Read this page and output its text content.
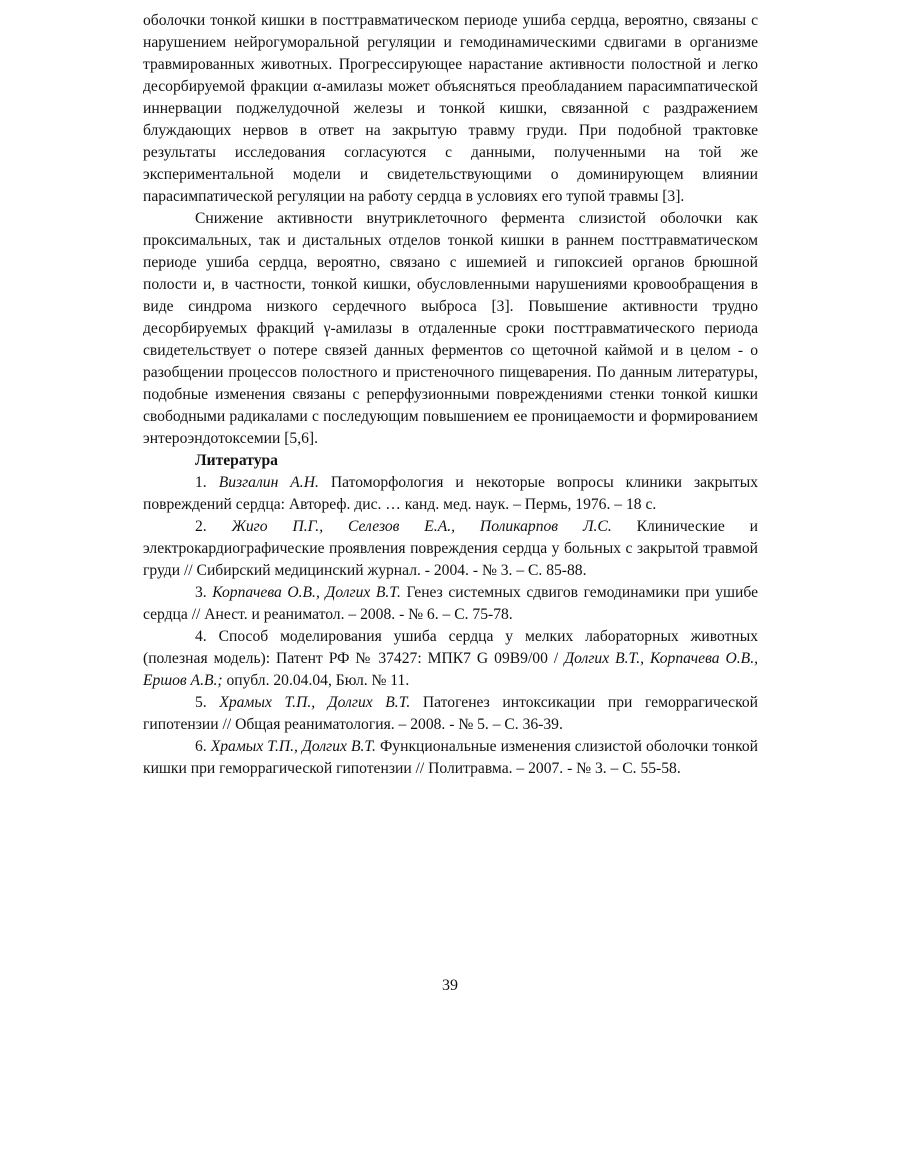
оболочки тонкой кишки в посттравматическом периоде ушиба сердца, вероятно, связаны с нарушением нейрогуморальной регуляции и гемодинамическими сдвигами в организме травмированных животных. Прогрессирующее нарастание активности полостной и легко десорбируемой фракции α-амилазы может объясняться преобладанием парасимпатической иннервации поджелудочной железы и тонкой кишки, связанной с раздражением блуждающих нервов в ответ на закрытую травму груди. При подобной трактовке результаты исследования согласуются с данными, полученными на той же экспериментальной модели и свидетельствующими о доминирующем влиянии парасимпатической регуляции на работу сердца в условиях его тупой травмы [3].

Снижение активности внутриклеточного фермента слизистой оболочки как проксимальных, так и дистальных отделов тонкой кишки в раннем посттравматическом периоде ушиба сердца, вероятно, связано с ишемией и гипоксией органов брюшной полости и, в частности, тонкой кишки, обусловленными нарушениями кровообращения в виде синдрома низкого сердечного выброса [3]. Повышение активности трудно десорбируемых фракций γ-амилазы в отдаленные сроки посттравматического периода свидетельствует о потере связей данных ферментов со щеточной каймой и в целом - о разобщении процессов полостного и пристеночного пищеварения. По данным литературы, подобные изменения связаны с реперфузионными повреждениями стенки тонкой кишки свободными радикалами с последующим повышением ее проницаемости и формированием энтероэндотоксемии [5,6].

Литература

1. Визгалин А.Н. Патоморфология и некоторые вопросы клиники закрытых повреждений сердца: Автореф. дис. … канд. мед. наук. – Пермь, 1976. – 18 с.

2. Жиго П.Г., Селезов Е.А., Поликарпов Л.С. Клинические и электрокардиографические проявления повреждения сердца у больных с закрытой травмой груди // Сибирский медицинский журнал. - 2004. - № 3. – С. 85-88.

3. Корпачева О.В., Долгих В.Т. Генез системных сдвигов гемодинамики при ушибе сердца // Анест. и реаниматол. – 2008. - № 6. – С. 75-78.

4. Способ моделирования ушиба сердца у мелких лабораторных животных (полезная модель): Патент РФ № 37427: МПК7 G 09B9/00 / Долгих В.Т., Корпачева О.В., Ершов А.В.; опубл. 20.04.04, Бюл. № 11.

5. Храмых Т.П., Долгих В.Т. Патогенез интоксикации при геморрагической гипотензии // Общая реаниматология. – 2008. - № 5. – С. 36-39.

6. Храмых Т.П., Долгих В.Т. Функциональные изменения слизистой оболочки тонкой кишки при геморрагической гипотензии // Политравма. – 2007. - № 3. – С. 55-58.

39
